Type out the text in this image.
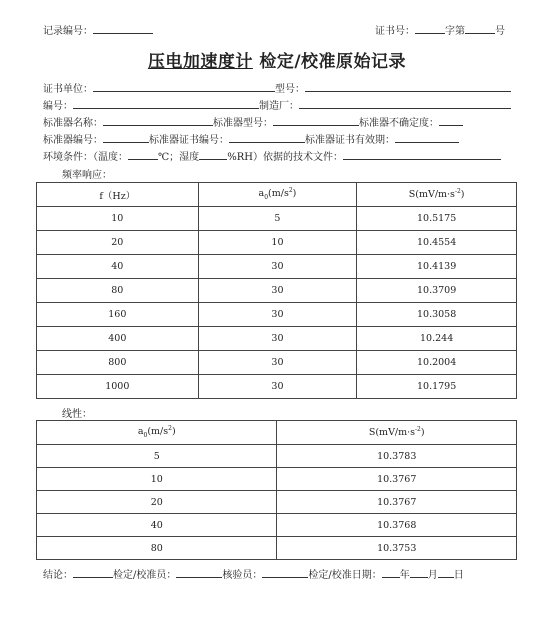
记录编号：	证书号：	字第	号
压电加速度计 检定/校准原始记录
证书单位：	型号：
编号：	制造厂：
标准器名称：	标准器型号：	标准器不确定度：
标准器编号：	标准器证书编号：	标准器证书有效期：
环境条件：（温度：	℃；湿度	%RH）依据的技术文件：
频率响应：
f（Hz）	$a_0(m/s^2)$	$S(mV/m\cdot s^{-2})$
10	5	10.5175
20	10	10.4554
40	30	10.4139
80	30	10.3709
160	30	10.3058
400	30	10.244
800	30	10.2004
1000	30	10.1795
线性：
$a_0(m/s^2)$	$S(mV/m\cdot s^{-2})$
5	10.3783
10	10.3767
20	10.3767
40	10.3768
80	10.3753
结论：	检定/校准员：	核验员：	检定/校准日期： 年 月 日
